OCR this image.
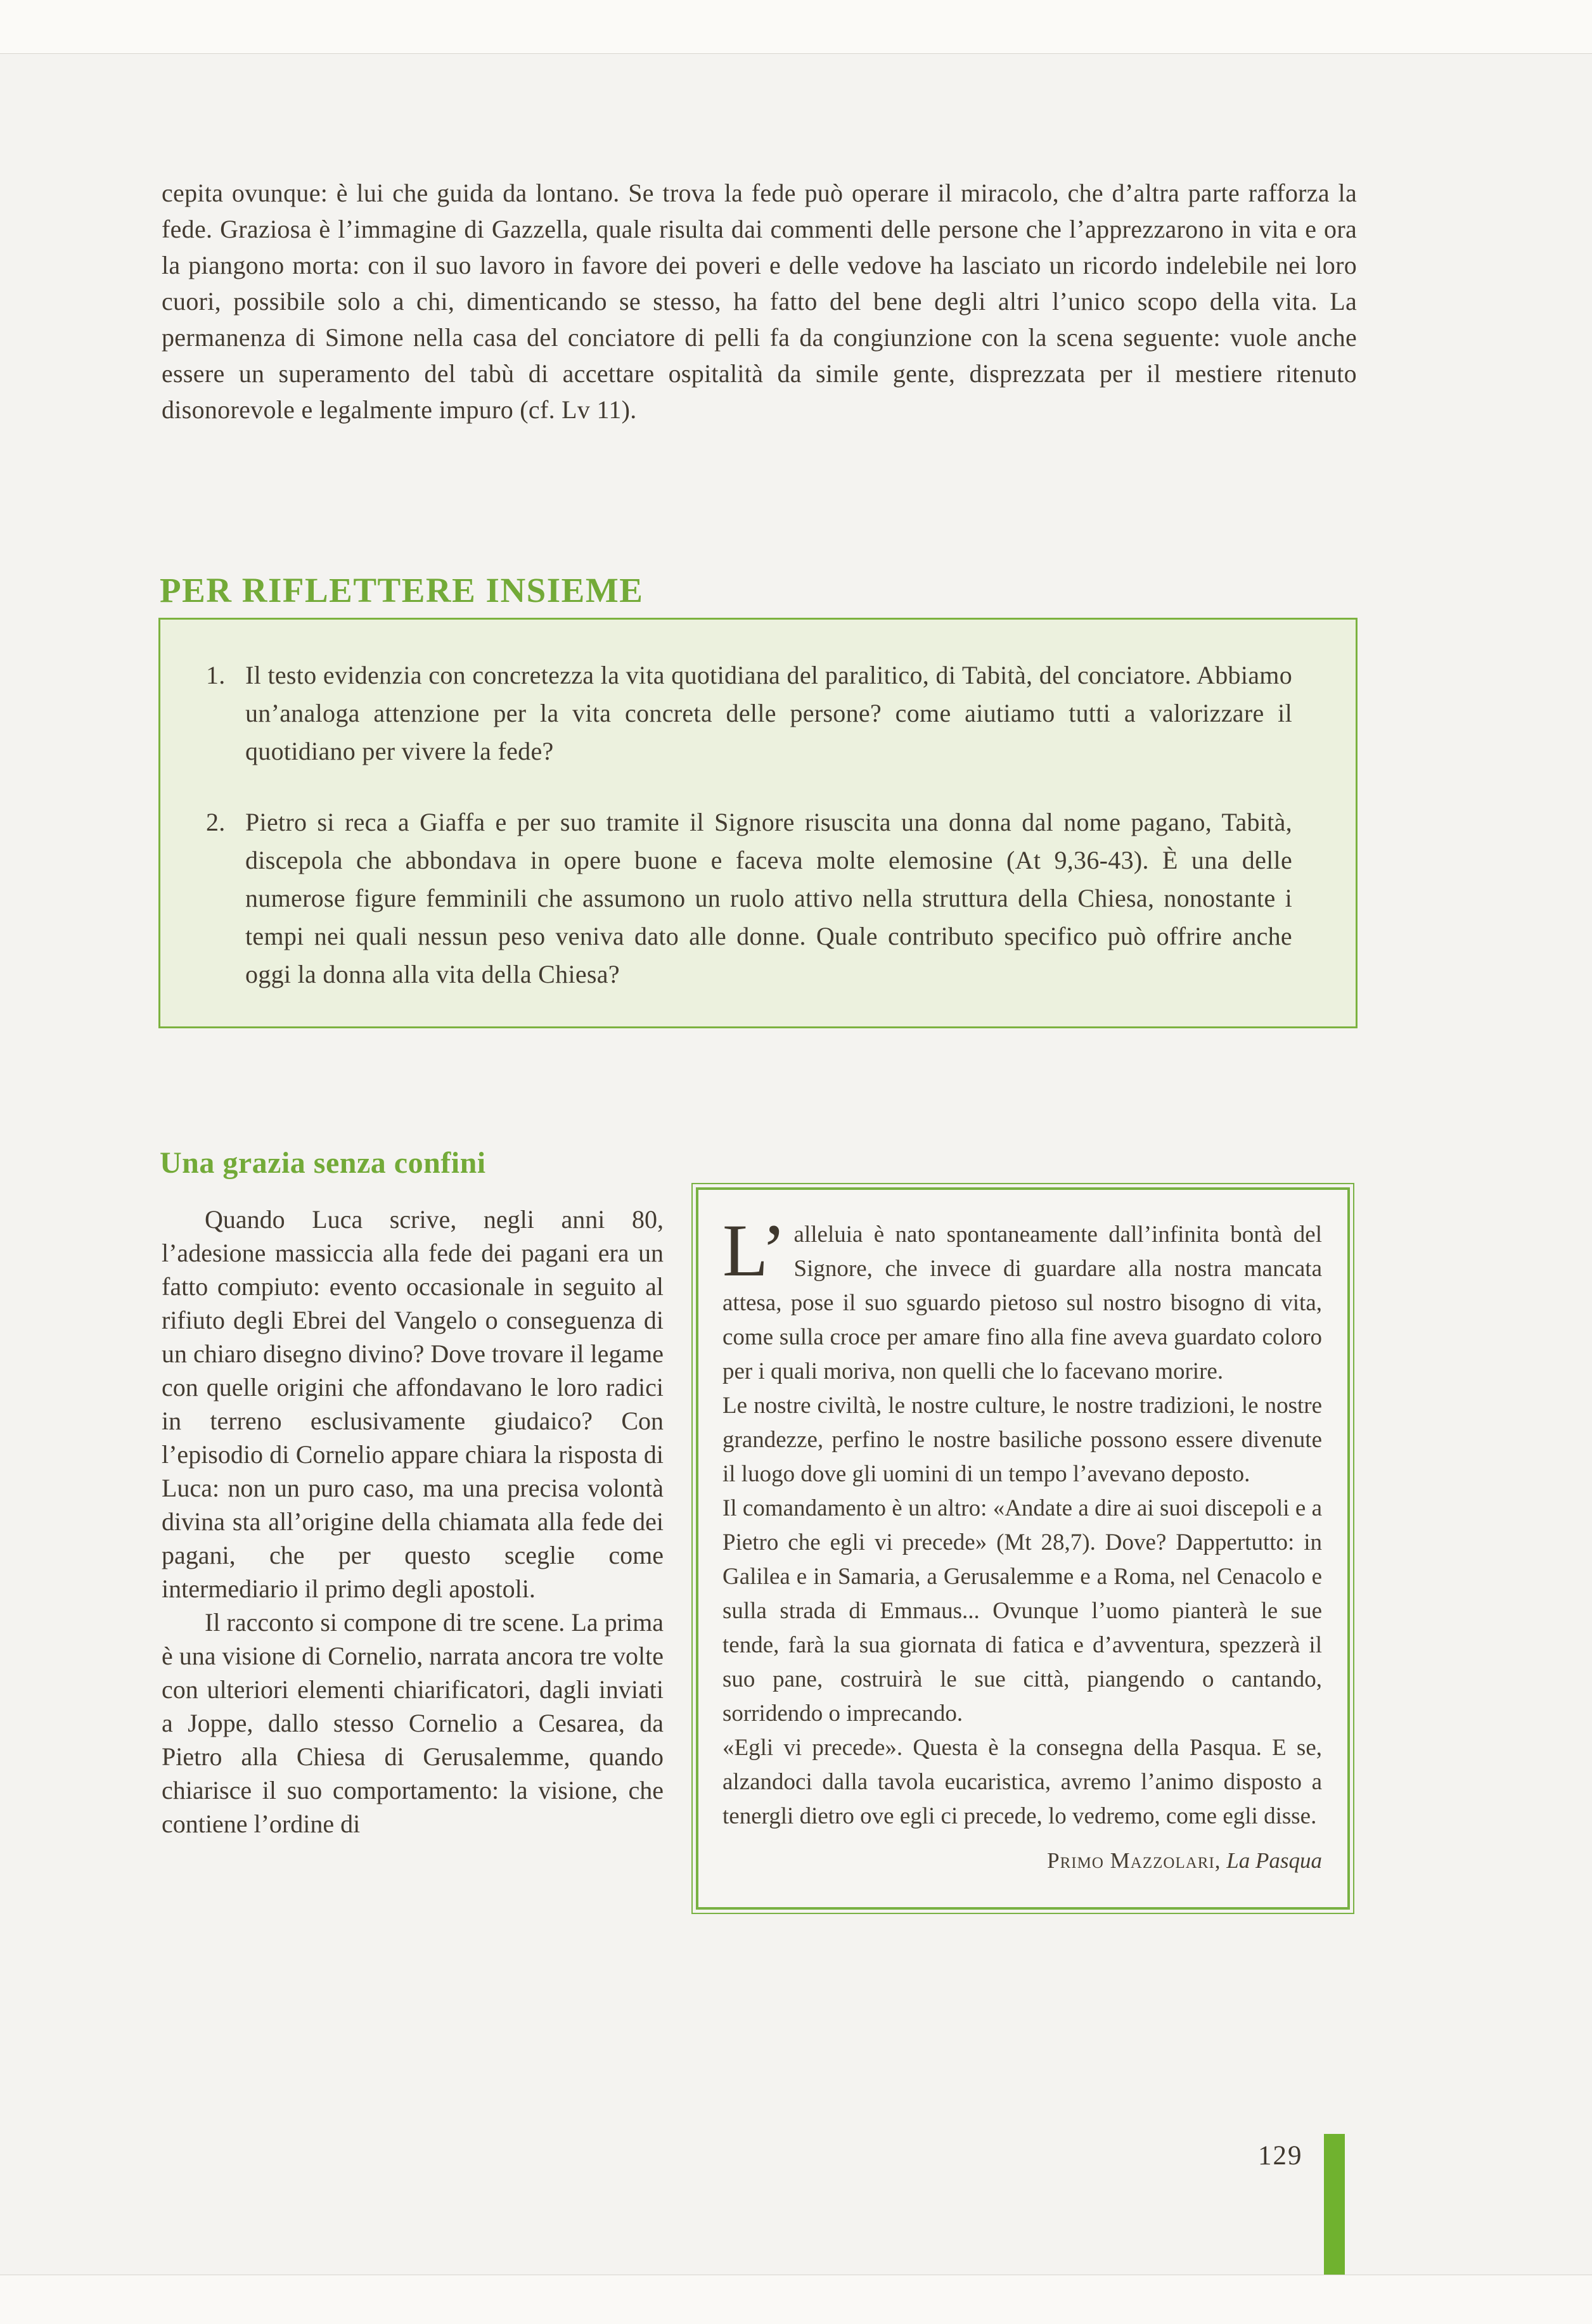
cepita ovunque: è lui che guida da lontano. Se trova la fede può operare il miracolo, che d’altra parte rafforza la fede. Graziosa è l’immagine di Gazzella, quale risulta dai commenti delle persone che l’apprezzarono in vita e ora la piangono morta: con il suo lavoro in favore dei poveri e delle vedove ha lasciato un ricordo indelebile nei loro cuori, possibile solo a chi, dimenticando se stesso, ha fatto del bene degli altri l’unico scopo della vita. La permanenza di Simone nella casa del conciatore di pelli fa da congiunzione con la scena seguente: vuole anche essere un superamento del tabù di accettare ospitalità da simile gente, disprezzata per il mestiere ritenuto disonorevole e legalmente impuro (cf. Lv 11).
PER RIFLETTERE INSIEME
1. Il testo evidenzia con concretezza la vita quotidiana del paralitico, di Tabità, del conciatore. Abbiamo un’analoga attenzione per la vita concreta delle persone? come aiutiamo tutti a valorizzare il quotidiano per vivere la fede?
2. Pietro si reca a Giaffa e per suo tramite il Signore risuscita una donna dal nome pagano, Tabità, discepola che abbondava in opere buone e faceva molte elemosine (At 9,36-43). È una delle numerose figure femminili che assumono un ruolo attivo nella struttura della Chiesa, nonostante i tempi nei quali nessun peso veniva dato alle donne. Quale contributo specifico può offrire anche oggi la donna alla vita della Chiesa?
Una grazia senza confini

Quando Luca scrive, negli anni 80, l’adesione massiccia alla fede dei pagani era un fatto compiuto: evento occasionale in seguito al rifiuto degli Ebrei del Vangelo o conseguenza di un chiaro disegno divino? Dove trovare il legame con quelle origini che affondavano le loro radici in terreno esclusivamente giudaico? Con l’episodio di Cornelio appare chiara la risposta di Luca: non un puro caso, ma una precisa volontà divina sta all’origine della chiamata alla fede dei pagani, che per questo sceglie come intermediario il primo degli apostoli.

Il racconto si compone di tre scene. La prima è una visione di Cornelio, narrata ancora tre volte con ulteriori elementi chiarificatori, dagli inviati a Joppe, dallo stesso Cornelio a Cesarea, da Pietro alla Chiesa di Gerusalemme, quando chiarisce il suo comportamento: la visione, che contiene l’ordine di

L’ alleluia è nato spontaneamente dall’infinita bontà del Signore, che invece di guardare alla nostra mancata attesa, pose il suo sguardo pietoso sul nostro bisogno di vita, come sulla croce per amare fino alla fine aveva guardato coloro per i quali moriva, non quelli che lo facevano morire.

Le nostre civiltà, le nostre culture, le nostre tradizioni, le nostre grandezze, perfino le nostre basiliche possono essere divenute il luogo dove gli uomini di un tempo l’avevano deposto.

Il comandamento è un altro: «Andate a dire ai suoi discepoli e a Pietro che egli vi precede» (Mt 28,7). Dove? Dappertutto: in Galilea e in Samaria, a Gerusalemme e a Roma, nel Cenacolo e sulla strada di Emmaus... Ovunque l’uomo pianterà le sue tende, farà la sua giornata di fatica e d’avventura, spezzerà il suo pane, costruirà le sue città, piangendo o cantando, sorridendo o imprecando.

«Egli vi precede». Questa è la consegna della Pasqua. E se, alzandoci dalla tavola eucaristica, avremo l’animo disposto a tenergli dietro ove egli ci precede, lo vedremo, come egli disse.

Primo Mazzolari, La Pasqua

129
